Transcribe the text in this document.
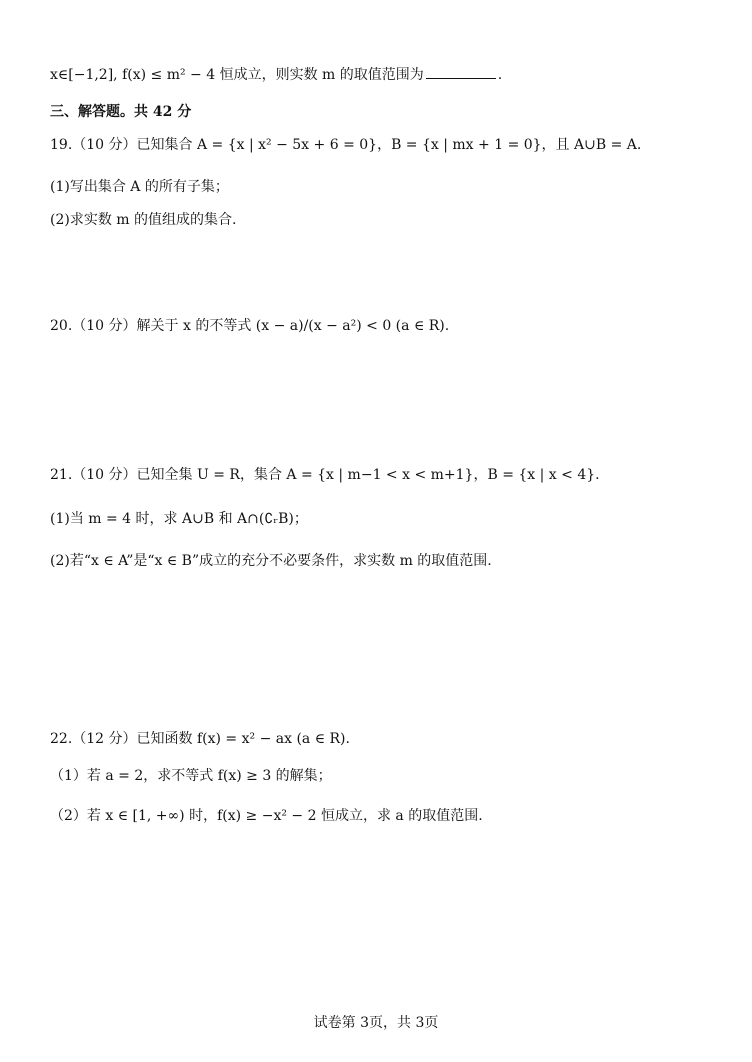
x∈[−1,2], f(x) ≤ m² − 4 恒成立，则实数 m 的取值范围为	.
三、解答题。共 42 分
19.（10 分）已知集合 A = {x | x² − 5x + 6 = 0}，B = {x | mx + 1 = 0}，且 A∪B = A.
(1)写出集合 A 的所有子集；
(2)求实数 m 的值组成的集合.
20.（10 分）解关于 x 的不等式 (x − a)/(x − a²) < 0 (a ∈ R).
21.（10 分）已知全集 U = R，集合 A = {x | m−1 < x < m+1}，B = {x | x < 4}.
(1)当 m = 4 时，求 A∪B 和 A∩(∁ᵣB)；
(2)若“x ∈ A”是“x ∈ B”成立的充分不必要条件，求实数 m 的取值范围.
22.（12 分）已知函数 f(x) = x² − ax (a ∈ R).
（1）若 a = 2，求不等式 f(x) ≥ 3 的解集；
（2）若 x ∈ [1, +∞) 时，f(x) ≥ −x² − 2 恒成立，求 a 的取值范围.
试卷第 3页，共 3页
